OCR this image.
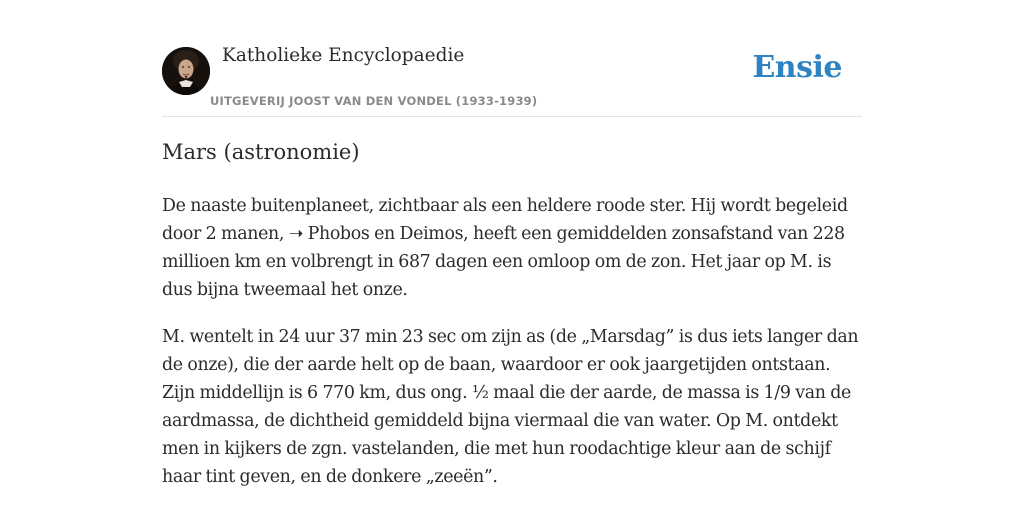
Katholieke Encyclopaedie
UITGEVERIJ JOOST VAN DEN VONDEL (1933-1939)
Ensie
Mars (astronomie)

De naaste buitenplaneet, zichtbaar als een heldere roode ster. Hij wordt begeleid door 2 manen, ➝ Phobos en Deimos, heeft een gemiddelden zonsafstand van 228 millioen km en volbrengt in 687 dagen een omloop om de zon. Het jaar op M. is dus bijna tweemaal het onze.

M. wentelt in 24 uur 37 min 23 sec om zijn as (de „Marsdag” is dus iets langer dan de onze), die der aarde helt op de baan, waardoor er ook jaargetijden ontstaan. Zijn middellijn is 6 770 km, dus ong. ½ maal die der aarde, de massa is 1/9 van de aardmassa, de dichtheid gemiddeld bijna viermaal die van water. Op M. ontdekt men in kijkers de zgn. vastelanden, die met hun roodachtige kleur aan de schijf haar tint geven, en de donkere „zeeën”.
